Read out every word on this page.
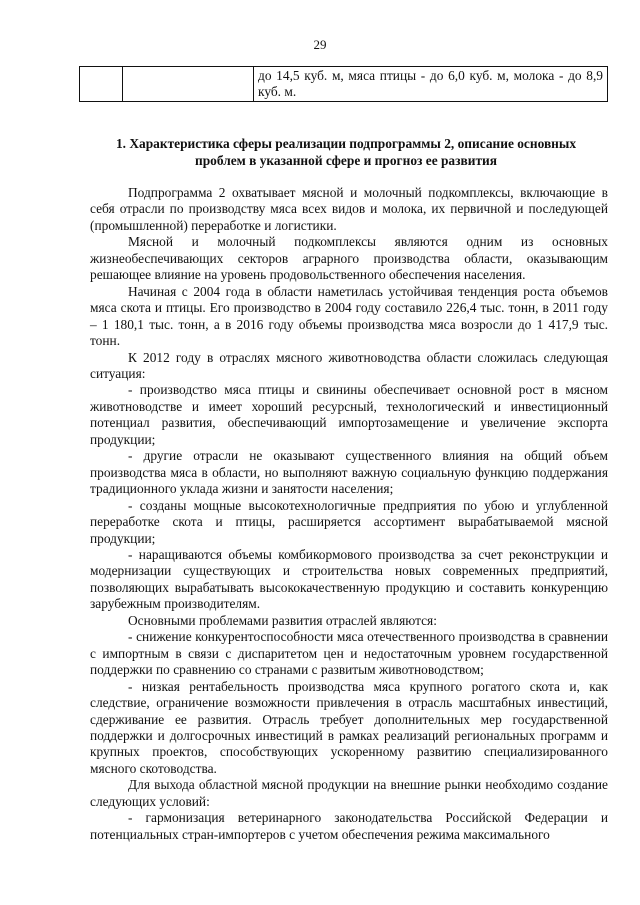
29
		до 14,5 куб. м, мяса птицы - до 6,0 куб. м, молока - до 8,9 куб. м.
1. Характеристика сферы реализации подпрограммы 2, описание основных проблем в указанной сфере и прогноз ее развития

Подпрограмма 2 охватывает мясной и молочный подкомплексы, включающие в себя отрасли по производству мяса всех видов и молока, их первичной и последующей (промышленной) переработке и логистики.

Мясной и молочный подкомплексы являются одним из основных жизнеобеспечивающих секторов аграрного производства области, оказывающим решающее влияние на уровень продовольственного обеспечения населения.

Начиная с 2004 года в области наметилась устойчивая тенденция роста объемов мяса скота и птицы. Его производство в 2004 году составило 226,4 тыс. тонн, в 2011 году – 1 180,1 тыс. тонн, а в 2016 году объемы производства мяса возросли до 1 417,9 тыс. тонн.

К 2012 году в отраслях мясного животноводства области сложилась следующая ситуация:

- производство мяса птицы и свинины обеспечивает основной рост в мясном животноводстве и имеет хороший ресурсный, технологический и инвестиционный потенциал развития, обеспечивающий импортозамещение и увеличение экспорта продукции;

- другие отрасли не оказывают существенного влияния на общий объем производства мяса в области, но выполняют важную социальную функцию поддержания традиционного уклада жизни и занятости населения;

- созданы мощные высокотехнологичные предприятия по убою и углубленной переработке скота и птицы, расширяется ассортимент вырабатываемой мясной продукции;

- наращиваются объемы комбикормового производства за счет реконструкции и модернизации существующих и строительства новых современных предприятий, позволяющих вырабатывать высококачественную продукцию и составить конкуренцию зарубежным производителям.

Основными проблемами развития отраслей являются:

- снижение конкурентоспособности мяса отечественного производства в сравнении с импортным в связи с диспаритетом цен и недостаточным уровнем государственной поддержки по сравнению со странами с развитым животноводством;

- низкая рентабельность производства мяса крупного рогатого скота и, как следствие, ограничение возможности привлечения в отрасль масштабных инвестиций, сдерживание ее развития. Отрасль требует дополнительных мер государственной поддержки и долгосрочных инвестиций в рамках реализаций региональных программ и крупных проектов, способствующих ускоренному развитию специализированного мясного скотоводства.

Для выхода областной мясной продукции на внешние рынки необходимо создание следующих условий:

- гармонизация ветеринарного законодательства Российской Федерации и потенциальных стран-импортеров с учетом обеспечения режима максимального
